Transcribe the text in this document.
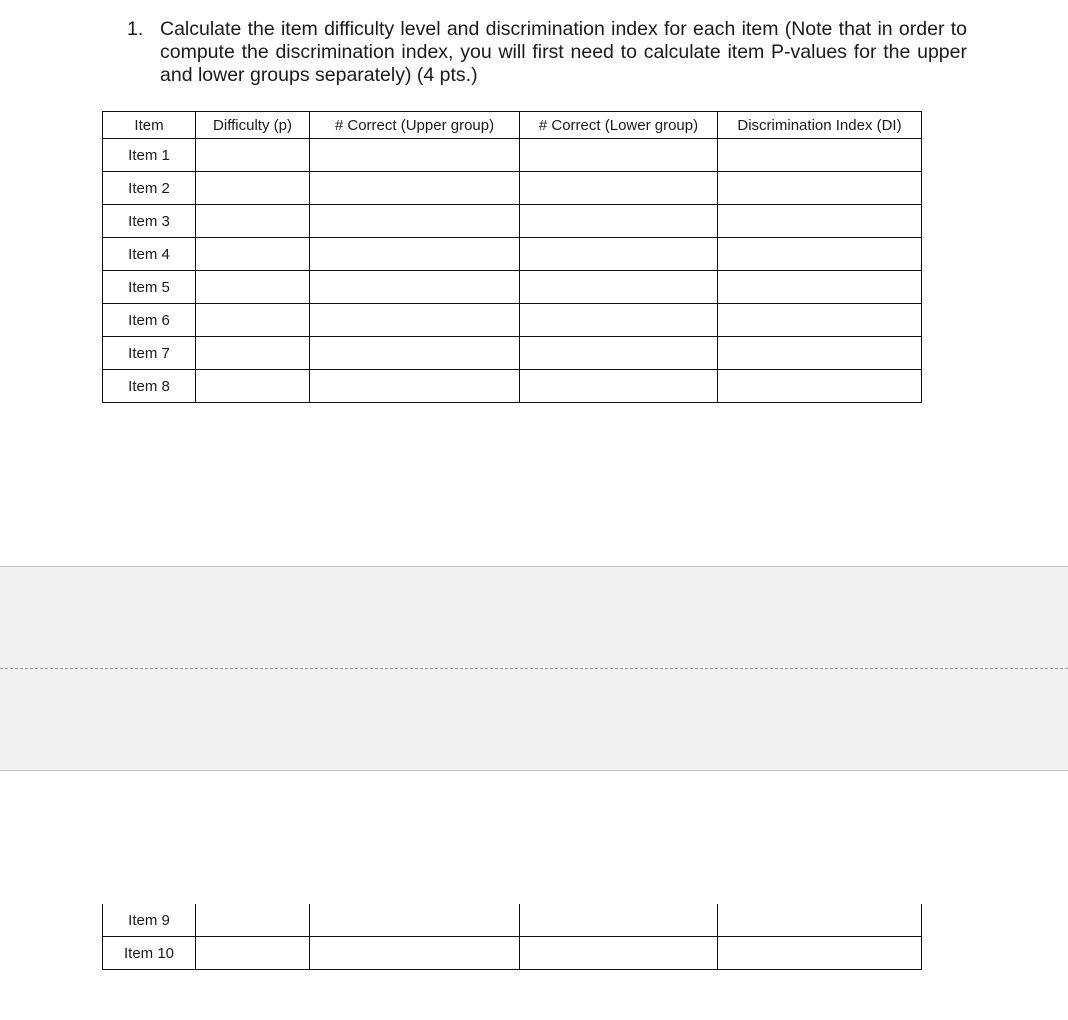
1. Calculate the item difficulty level and discrimination index for each item (Note that in order to compute the discrimination index, you will first need to calculate item P-values for the upper and lower groups separately) (4 pts.)
Item	Difficulty (p)	# Correct (Upper group)	# Correct (Lower group)	Discrimination Index (DI)
Item 1				
Item 2				
Item 3				
Item 4				
Item 5				
Item 6				
Item 7				
Item 8				
Item 9				
Item 10				
